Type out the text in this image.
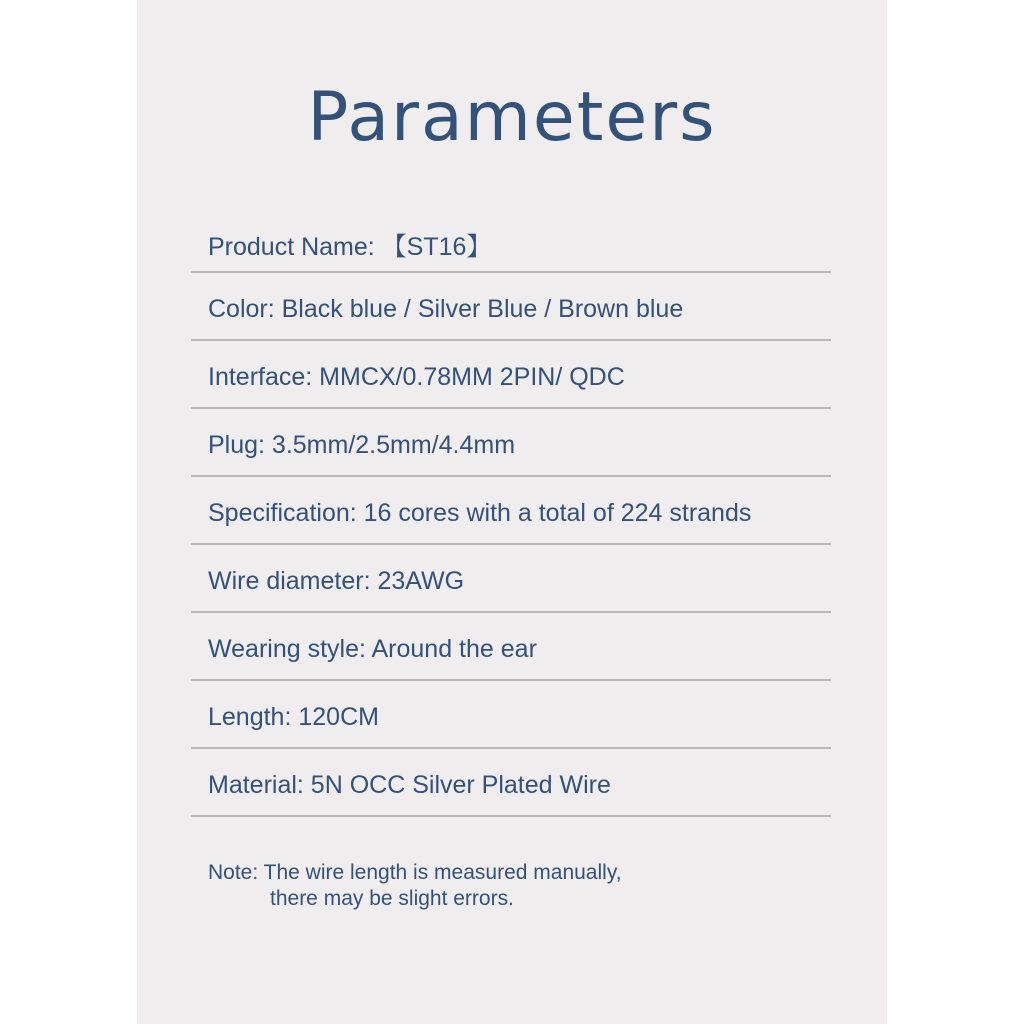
Parameters
Product Name: 【ST16】
Color: Black blue / Silver Blue / Brown blue
Interface: MMCX/0.78MM 2PIN/ QDC
Plug: 3.5mm/2.5mm/4.4mm
Specification: 16 cores with a total of 224 strands
Wire diameter: 23AWG
Wearing style: Around the ear
Length: 120CM
Material: 5N OCC Silver Plated Wire
Note: The wire length is measured manually,
there may be slight errors.
